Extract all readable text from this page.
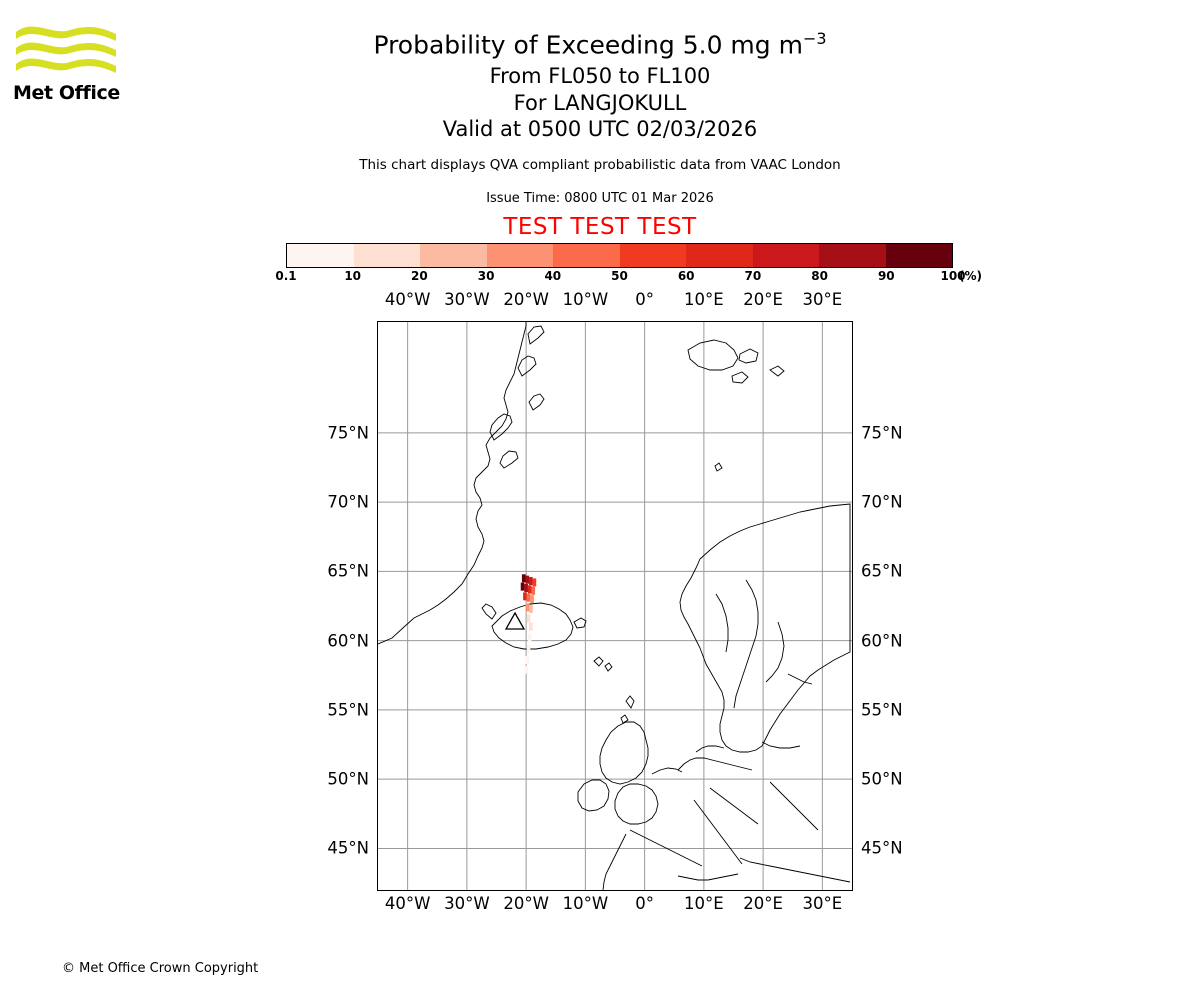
Met Office
Probability of Exceeding 5.0 mg $m^{-3}$
From FL050 to FL100
For LANGJOKULL
Valid at 0500 UTC 02/03/2026
This chart displays QVA compliant probabilistic data from VAAC London
Issue Time: 0800 UTC 01 Mar 2026
TEST TEST TEST
0.1	10	20	30	40	50	60	70	80	90	100
(%)
40°W 30°W 20°W 10°W 0° 10°E 20°E 30°E
40°W 30°W 20°W 10°W 0° 10°E 20°E 30°E
45°N
50°N
55°N
60°N
65°N
70°N
75°N
45°N
50°N
55°N
60°N
65°N
70°N
75°N
© Met Office Crown Copyright
